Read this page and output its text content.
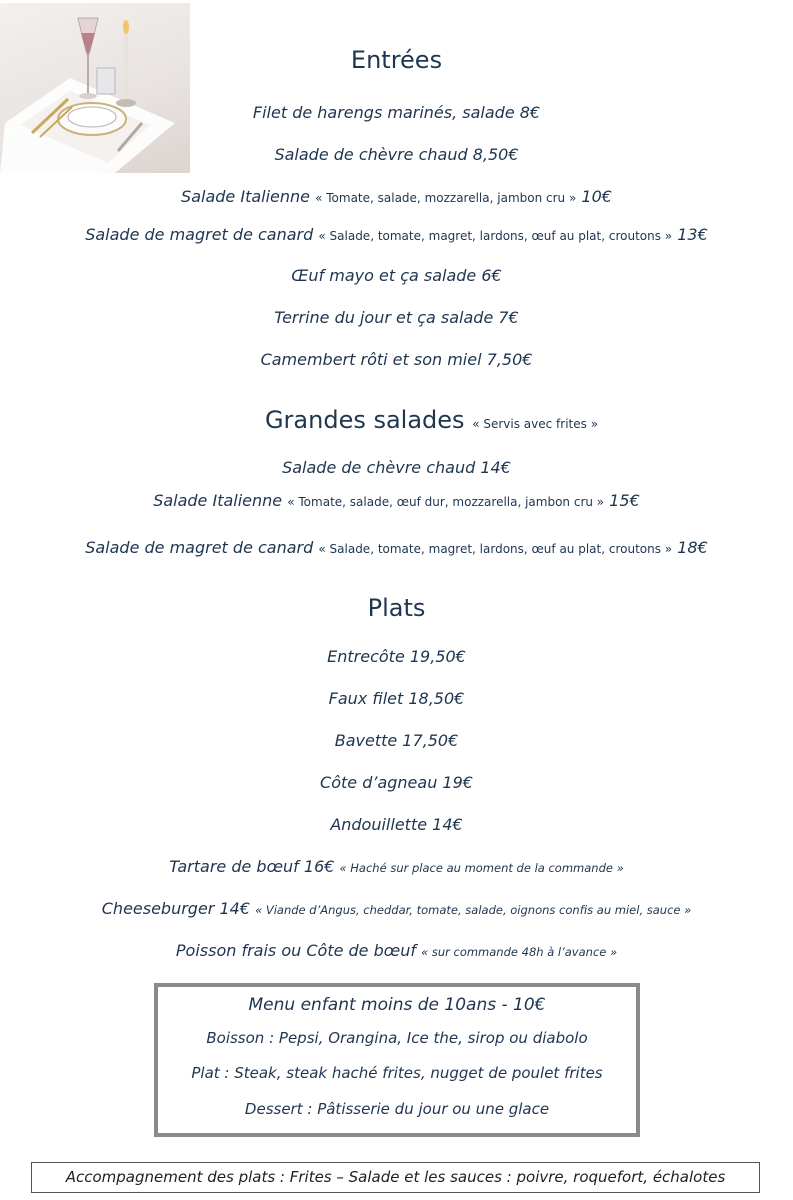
Entrées
Filet de harengs marinés, salade 8€
Salade de chèvre chaud 8,50€
Salade Italienne « Tomate, salade, mozzarella, jambon cru » 10€
Salade de magret de canard « Salade, tomate, magret, lardons, œuf au plat, croutons » 13€
Œuf mayo et ça salade 6€
Terrine du jour et ça salade 7€
Camembert rôti et son miel 7,50€
Grandes salades « Servis avec frites »
Salade de chèvre chaud 14€
Salade Italienne « Tomate, salade, œuf dur, mozzarella, jambon cru » 15€
Salade de magret de canard « Salade, tomate, magret, lardons, œuf au plat, croutons » 18€
Plats
Entrecôte 19,50€
Faux filet 18,50€
Bavette 17,50€
Côte d’agneau 19€
Andouillette 14€
Tartare de bœuf 16€ « Haché sur place au moment de la commande »
Cheeseburger 14€ « Viande d’Angus, cheddar, tomate, salade, oignons confis au miel, sauce »
Poisson frais ou Côte de bœuf « sur commande 48h à l’avance »
Menu enfant moins de 10ans - 10€
Boisson : Pepsi, Orangina, Ice the, sirop ou diabolo
Plat : Steak, steak haché frites, nugget de poulet frites
Dessert : Pâtisserie du jour ou une glace
Accompagnement des plats : Frites – Salade et les sauces : poivre, roquefort, échalotes
